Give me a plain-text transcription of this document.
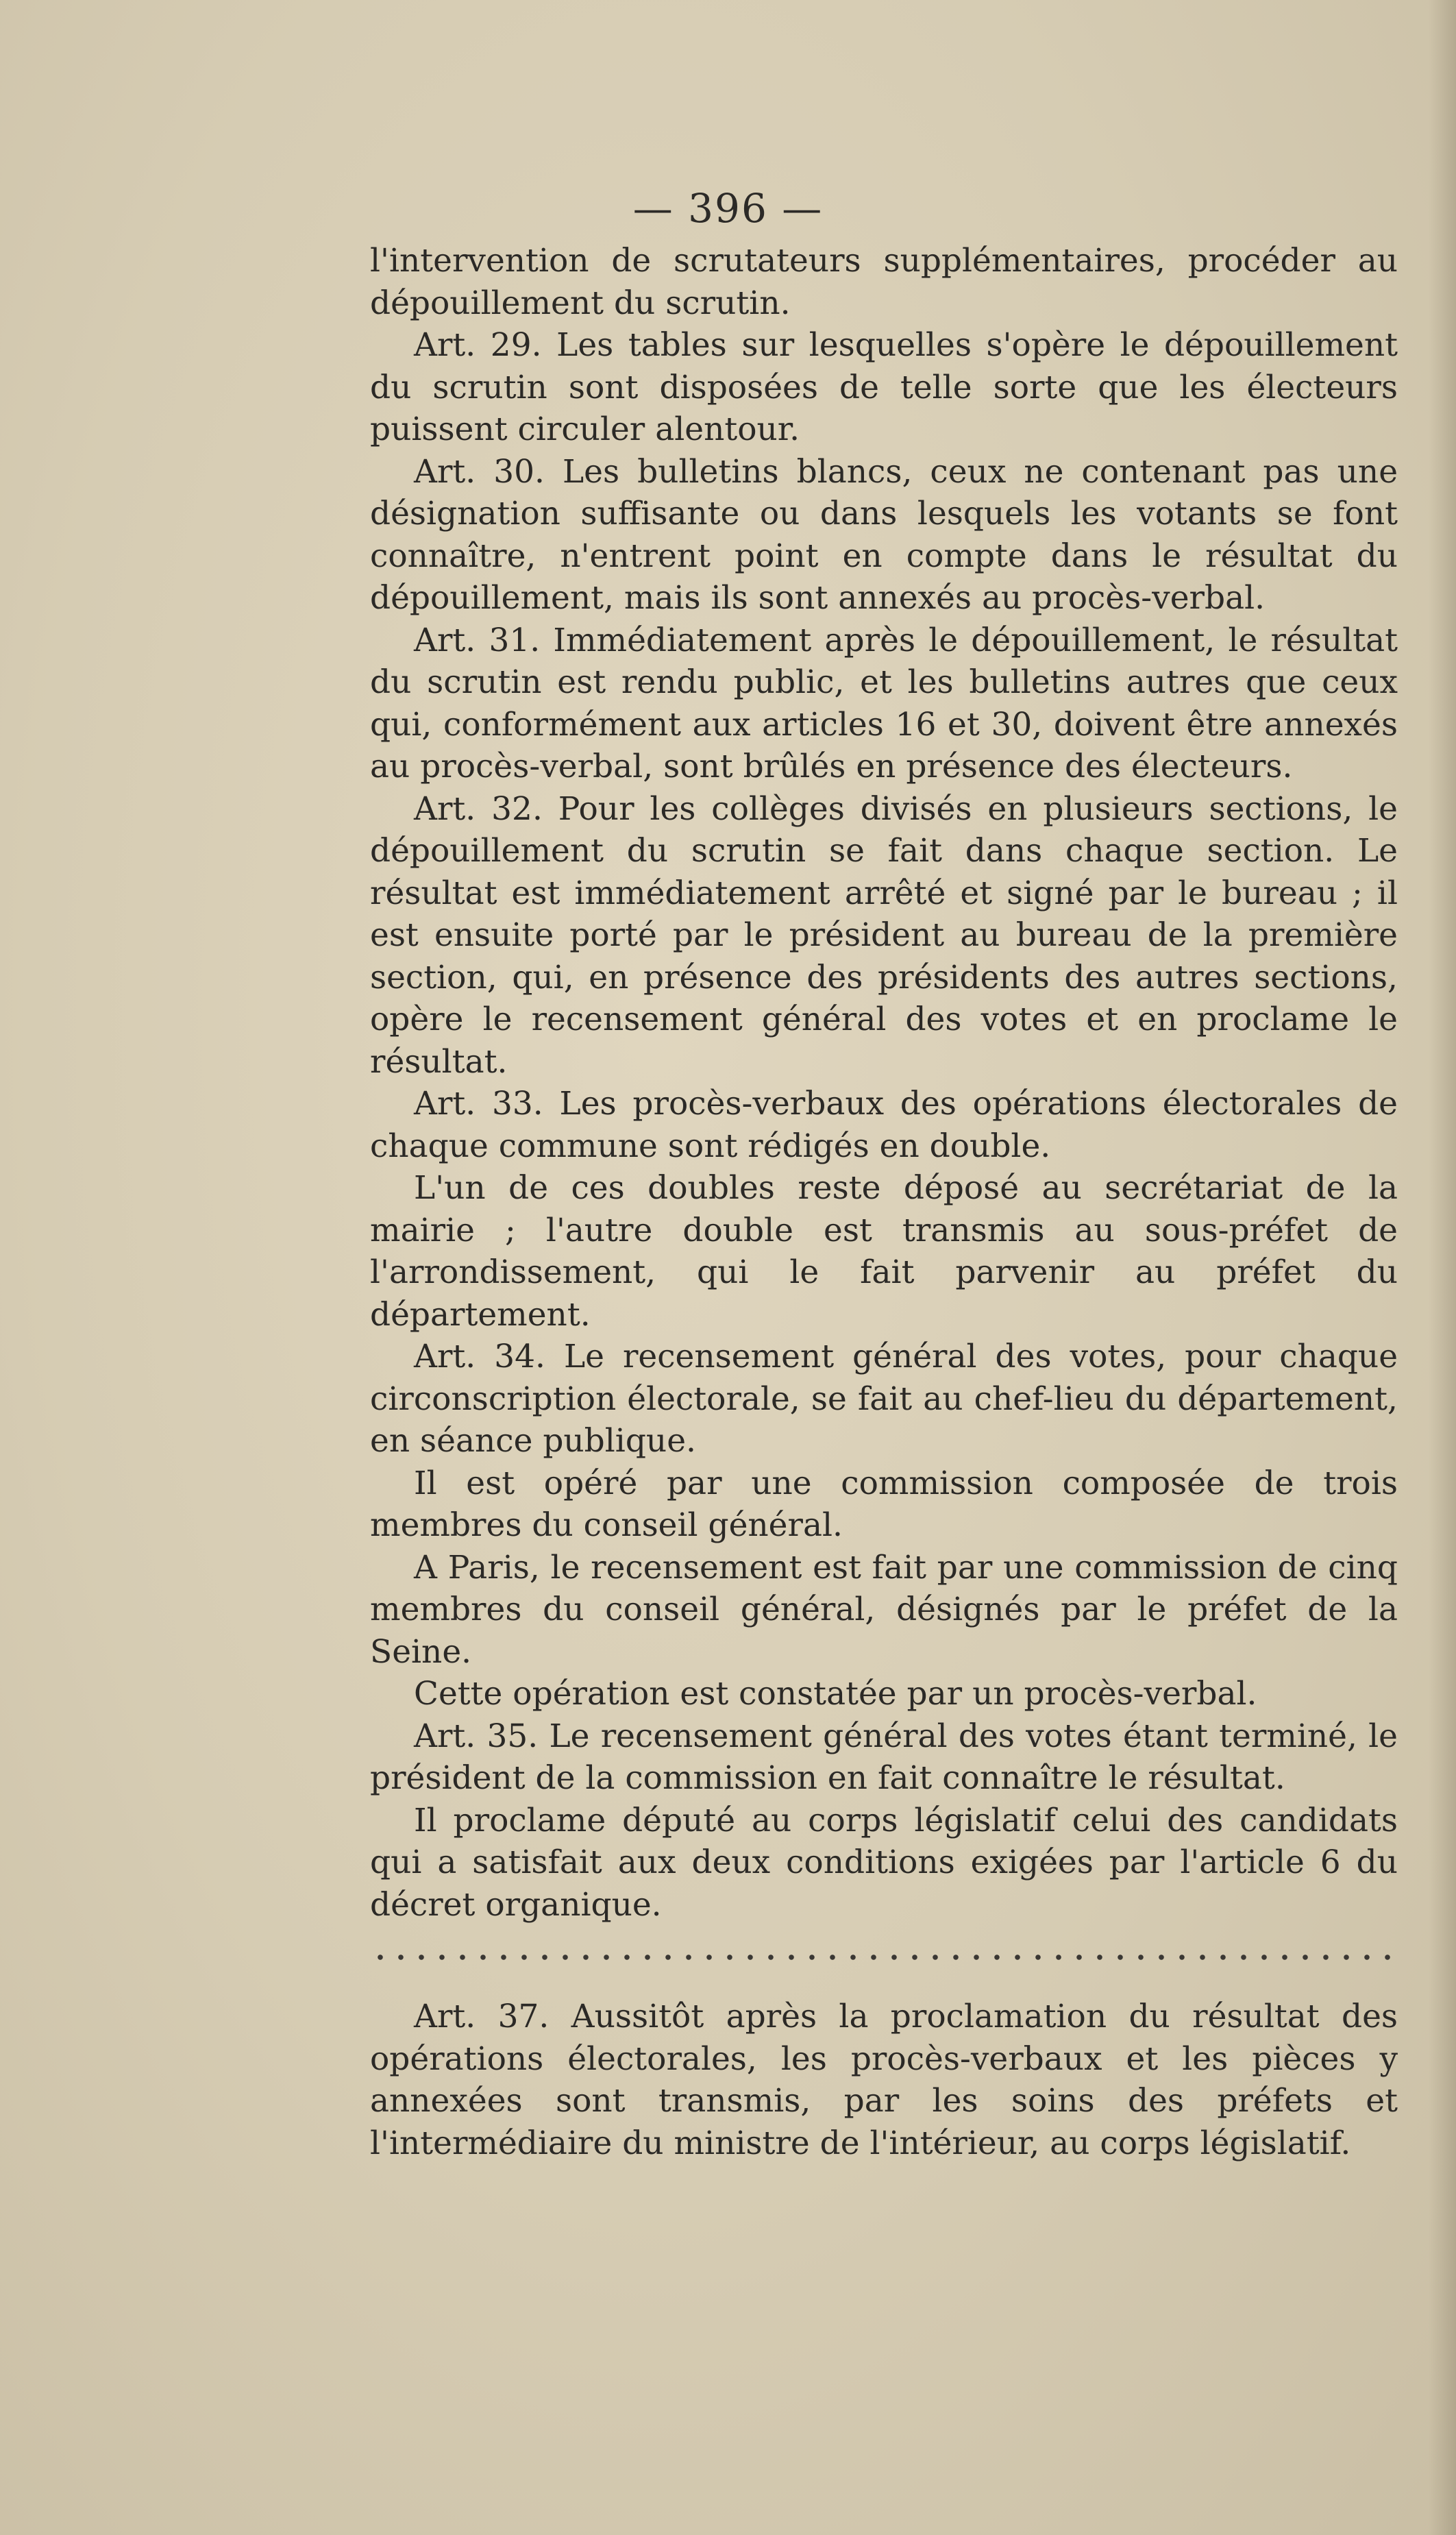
— 396 —

l'intervention de scrutateurs supplémentaires, procéder au dépouillement du scrutin.

Art. 29. Les tables sur lesquelles s'opère le dépouillement du scrutin sont disposées de telle sorte que les électeurs puissent circuler alentour.

Art. 30. Les bulletins blancs, ceux ne contenant pas une désignation suffisante ou dans lesquels les votants se font connaître, n'entrent point en compte dans le résultat du dépouillement, mais ils sont annexés au procès-verbal.

Art. 31. Immédiatement après le dépouillement, le résultat du scrutin est rendu public, et les bulletins autres que ceux qui, conformément aux articles 16 et 30, doivent être annexés au procès-verbal, sont brûlés en présence des électeurs.

Art. 32. Pour les collèges divisés en plusieurs sections, le dépouillement du scrutin se fait dans chaque section. Le résultat est immédiatement arrêté et signé par le bureau ; il est ensuite porté par le président au bureau de la première section, qui, en présence des présidents des autres sections, opère le recensement général des votes et en proclame le résultat.

Art. 33. Les procès-verbaux des opérations électorales de chaque commune sont rédigés en double.

L'un de ces doubles reste déposé au secrétariat de la mairie ; l'autre double est transmis au sous-préfet de l'arrondissement, qui le fait parvenir au préfet du département.

Art. 34. Le recensement général des votes, pour chaque circonscription électorale, se fait au chef-lieu du département, en séance publique.

Il est opéré par une commission composée de trois membres du conseil général.

A Paris, le recensement est fait par une commission de cinq membres du conseil général, désignés par le préfet de la Seine.

Cette opération est constatée par un procès-verbal.

Art. 35. Le recensement général des votes étant terminé, le président de la commission en fait connaître le résultat.

Il proclame député au corps législatif celui des candidats qui a satisfait aux deux conditions exigées par l'article 6 du décret organique.

Art. 37. Aussitôt après la proclamation du résultat des opérations électorales, les procès-verbaux et les pièces y annexées sont transmis, par les soins des préfets et l'intermédiaire du ministre de l'intérieur, au corps législatif.
